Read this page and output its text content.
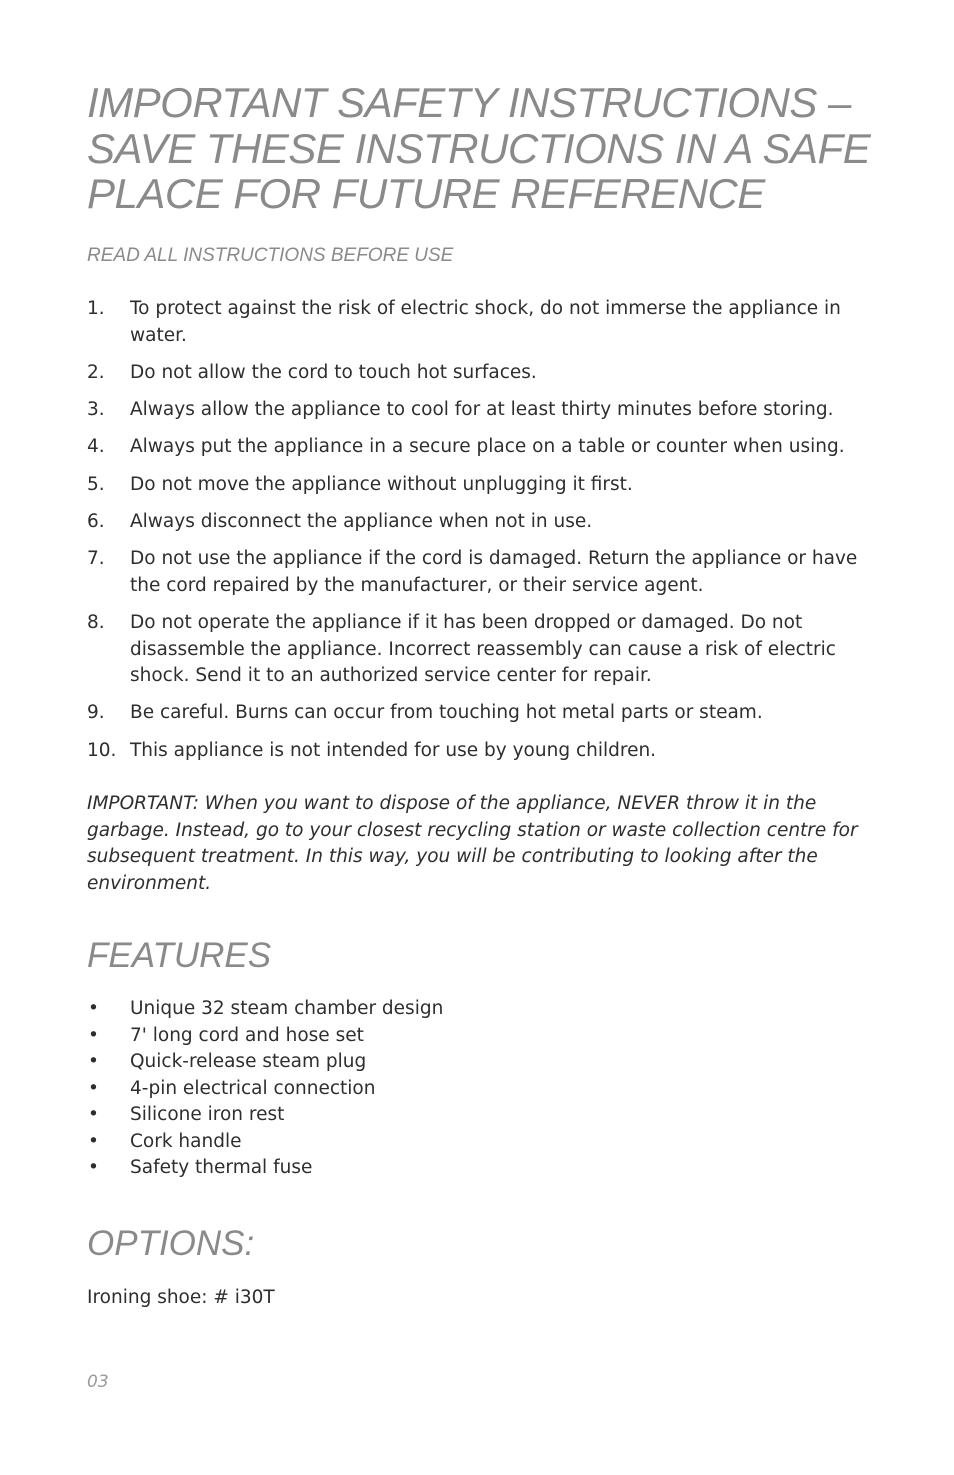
IMPORTANT SAFETY INSTRUCTIONS –
SAVE THESE INSTRUCTIONS IN A SAFE
PLACE FOR FUTURE REFERENCE

READ ALL INSTRUCTIONS BEFORE USE

1. To protect against the risk of electric shock, do not immerse the appliance in water.
2. Do not allow the cord to touch hot surfaces.
3. Always allow the appliance to cool for at least thirty minutes before storing.
4. Always put the appliance in a secure place on a table or counter when using.
5. Do not move the appliance without unplugging it first.
6. Always disconnect the appliance when not in use.
7. Do not use the appliance if the cord is damaged. Return the appliance or have the cord repaired by the manufacturer, or their service agent.
8. Do not operate the appliance if it has been dropped or damaged. Do not disassemble the appliance. Incorrect reassembly can cause a risk of electric shock. Send it to an authorized service center for repair.
9. Be careful. Burns can occur from touching hot metal parts or steam.
10. This appliance is not intended for use by young children.

IMPORTANT: When you want to dispose of the appliance, NEVER throw it in the garbage. Instead, go to your closest recycling station or waste collection centre for subsequent treatment. In this way, you will be contributing to looking after the environment.

FEATURES
• Unique 32 steam chamber design
• 7' long cord and hose set
• Quick-release steam plug
• 4-pin electrical connection
• Silicone iron rest
• Cork handle
• Safety thermal fuse
OPTIONS:

Ironing shoe: # i30T

03
